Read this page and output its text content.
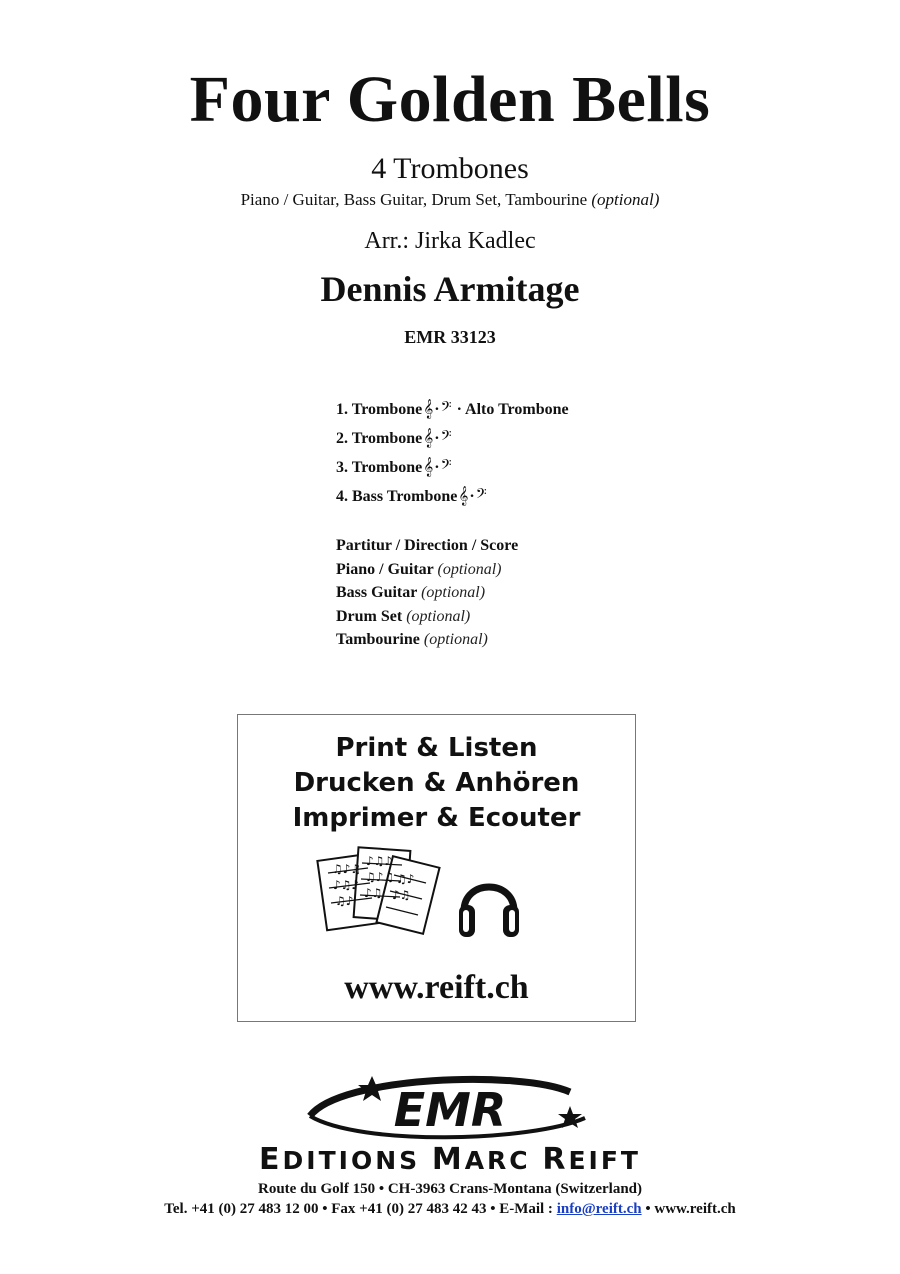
Four Golden Bells
4 Trombones
Piano / Guitar, Bass Guitar, Drum Set, Tambourine (optional)
Arr.: Jirka Kadlec
Dennis Armitage
EMR 33123
1. Trombone𝄞·𝄢 · Alto Trombone
2. Trombone𝄞·𝄢
3. Trombone𝄞·𝄢
4. Bass Trombone𝄞·𝄢
Partitur / Direction / Score
Piano / Guitar (optional)
Bass Guitar (optional)
Drum Set (optional)
Tambourine (optional)
Print & Listen
Drucken & Anhören
Imprimer & Ecouter
♫♪♫
♪♫♪
♫♪
♪♫♪
♫♪♫
♪♫
♫♪
♪♫
www.reift.ch
EMR
EDITIONS MARC REIFT
Route du Golf 150 • CH-3963 Crans-Montana (Switzerland)
Tel. +41 (0) 27 483 12 00 • Fax +41 (0) 27 483 42 43 • E-Mail : info@reift.ch • www.reift.ch
